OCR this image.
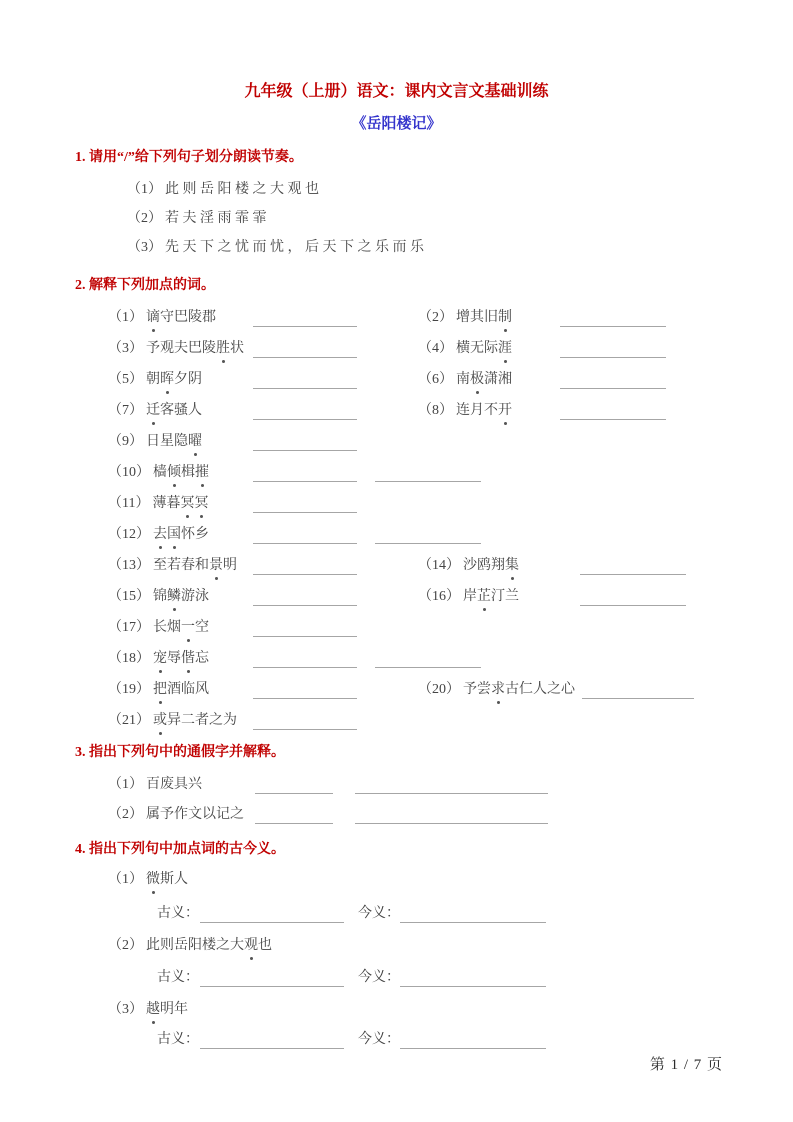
九年级（上册）语文：课内文言文基础训练
《岳阳楼记》
1. 请用“/”给下列句子划分朗读节奏。
（1） 此 则 岳 阳 楼 之 大 观 也
（2） 若 夫 淫 雨 霏 霏
（3） 先 天 下 之 忧 而 忧 ， 后 天 下 之 乐 而 乐
2. 解释下列加点的词。
（1） 谪守巴陵郡	（2） 增其旧制
（3） 予观夫巴陵胜状	（4） 横无际涯
（5） 朝晖夕阴	（6） 南极潇湘
（7） 迁客骚人	（8） 连月不开
（9） 日星隐曜
（10） 樯倾楫摧
（11） 薄暮冥冥
（12） 去国怀乡
（13） 至若春和景明	（14） 沙鸥翔集
（15） 锦鳞游泳	（16） 岸芷汀兰
（17） 长烟一空
（18） 宠辱偕忘
（19） 把酒临风	（20） 予尝求古仁人之心
（21） 或异二者之为
3. 指出下列句中的通假字并解释。
（1） 百废具兴
（2） 属予作文以记之
4. 指出下列句中加点词的古今义。
（1） 微斯人
古义：	今义：
（2） 此则岳阳楼之大观也
古义：	今义：
（3） 越明年
古义：	今义：
第 1 / 7 页
